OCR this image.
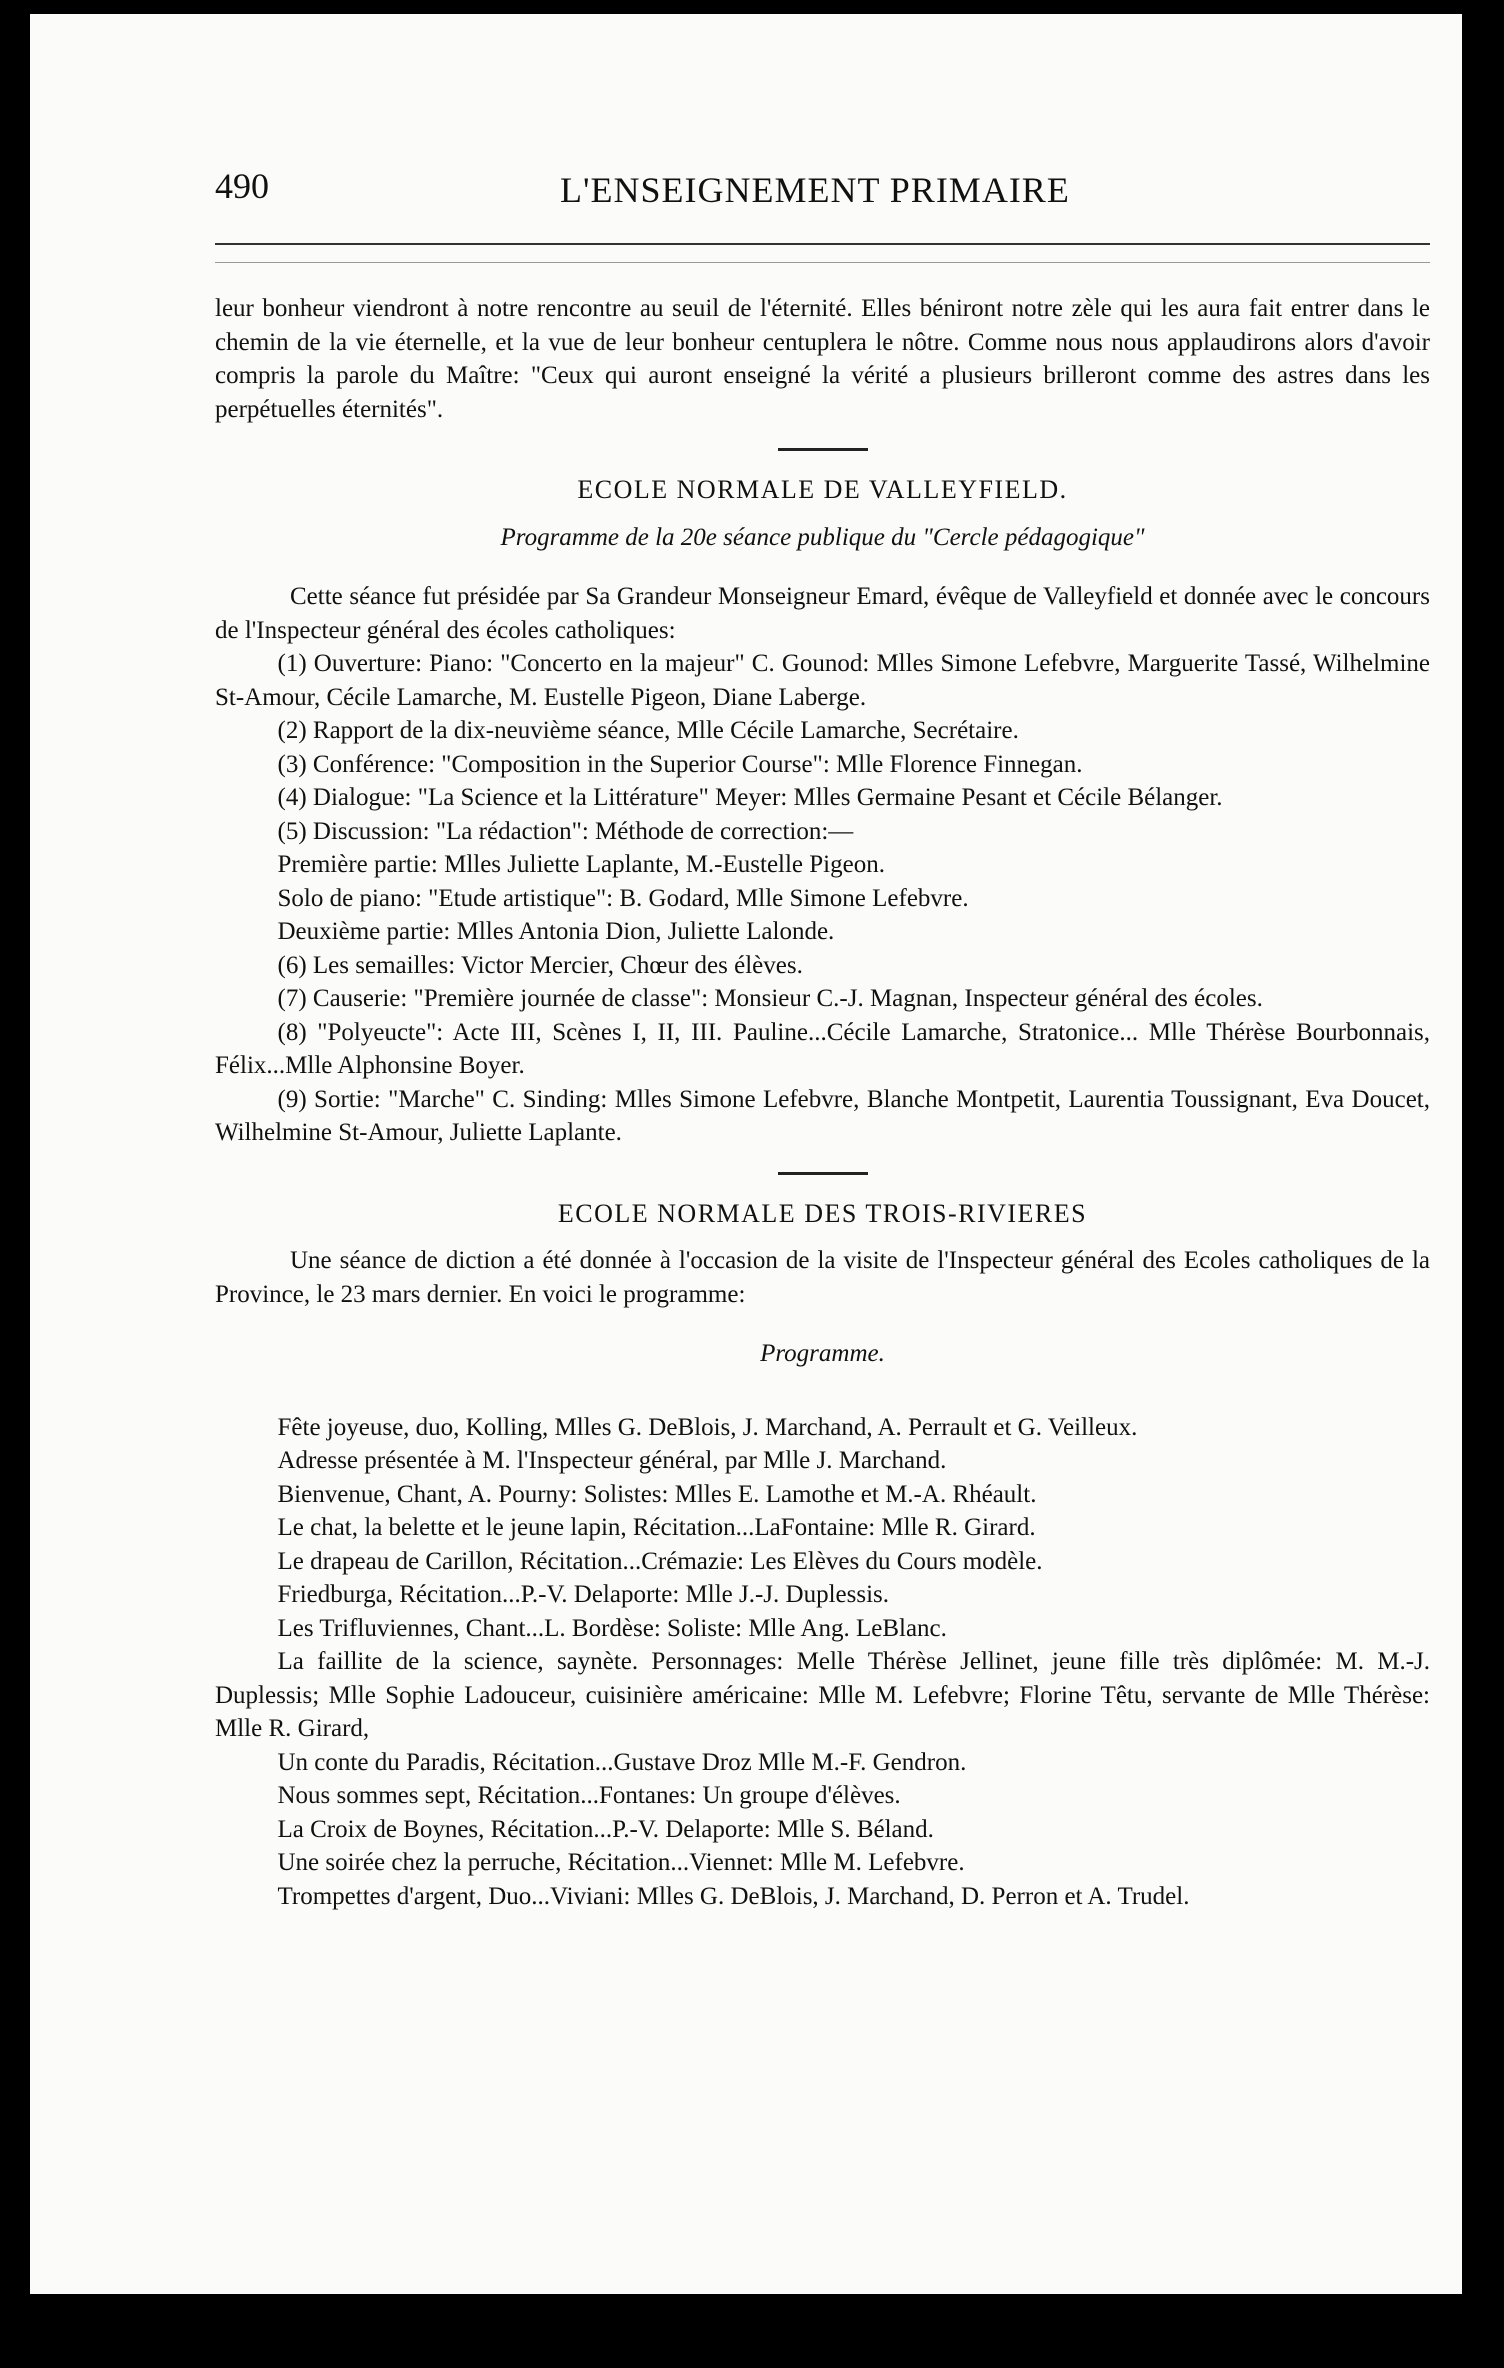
490	L'ENSEIGNEMENT PRIMAIRE

leur bonheur viendront à notre rencontre au seuil de l'éternité. Elles béniront notre zèle qui les aura fait entrer dans le chemin de la vie éternelle, et la vue de leur bonheur centuplera le nôtre. Comme nous nous applaudirons alors d'avoir compris la parole du Maître: "Ceux qui auront enseigné la vérité a plusieurs brilleront comme des astres dans les perpétuelles éternités".

ECOLE NORMALE DE VALLEYFIELD.
Programme de la 20e séance publique du "Cercle pédagogique"

Cette séance fut présidée par Sa Grandeur Monseigneur Emard, évêque de Valleyfield et donnée avec le concours de l'Inspecteur général des écoles catholiques:

(1) Ouverture: Piano: "Concerto en la majeur" C. Gounod: Mlles Simone Lefebvre, Marguerite Tassé, Wilhelmine St-Amour, Cécile Lamarche, M. Eustelle Pigeon, Diane Laberge.

(2) Rapport de la dix-neuvième séance, Mlle Cécile Lamarche, Secrétaire.

(3) Conférence: "Composition in the Superior Course": Mlle Florence Finnegan.

(4) Dialogue: "La Science et la Littérature" Meyer: Mlles Germaine Pesant et Cécile Bélanger.

(5) Discussion: "La rédaction": Méthode de correction:—

Première partie: Mlles Juliette Laplante, M.-Eustelle Pigeon.

Solo de piano: "Etude artistique": B. Godard, Mlle Simone Lefebvre.

Deuxième partie: Mlles Antonia Dion, Juliette Lalonde.

(6) Les semailles: Victor Mercier, Chœur des élèves.

(7) Causerie: "Première journée de classe": Monsieur C.-J. Magnan, Inspecteur général des écoles.

(8) "Polyeucte": Acte III, Scènes I, II, III. Pauline...Cécile Lamarche, Stratonice... Mlle Thérèse Bourbonnais, Félix...Mlle Alphonsine Boyer.

(9) Sortie: "Marche" C. Sinding: Mlles Simone Lefebvre, Blanche Montpetit, Laurentia Toussignant, Eva Doucet, Wilhelmine St-Amour, Juliette Laplante.

ECOLE NORMALE DES TROIS-RIVIERES

Une séance de diction a été donnée à l'occasion de la visite de l'Inspecteur général des Ecoles catholiques de la Province, le 23 mars dernier. En voici le programme:

Programme.

Fête joyeuse, duo, Kolling, Mlles G. DeBlois, J. Marchand, A. Perrault et G. Veilleux.

Adresse présentée à M. l'Inspecteur général, par Mlle J. Marchand.

Bienvenue, Chant, A. Pourny: Solistes: Mlles E. Lamothe et M.-A. Rhéault.

Le chat, la belette et le jeune lapin, Récitation...LaFontaine: Mlle R. Girard.

Le drapeau de Carillon, Récitation...Crémazie: Les Elèves du Cours modèle.

Friedburga, Récitation...P.-V. Delaporte: Mlle J.-J. Duplessis.

Les Trifluviennes, Chant...L. Bordèse: Soliste: Mlle Ang. LeBlanc.

La faillite de la science, saynète. Personnages: Melle Thérèse Jellinet, jeune fille très diplômée: M. M.-J. Duplessis; Mlle Sophie Ladouceur, cuisinière américaine: Mlle M. Lefebvre; Florine Têtu, servante de Mlle Thérèse: Mlle R. Girard,

Un conte du Paradis, Récitation...Gustave Droz Mlle M.-F. Gendron.

Nous sommes sept, Récitation...Fontanes: Un groupe d'élèves.

La Croix de Boynes, Récitation...P.-V. Delaporte: Mlle S. Béland.

Une soirée chez la perruche, Récitation...Viennet: Mlle M. Lefebvre.

Trompettes d'argent, Duo...Viviani: Mlles G. DeBlois, J. Marchand, D. Perron et A. Trudel.
